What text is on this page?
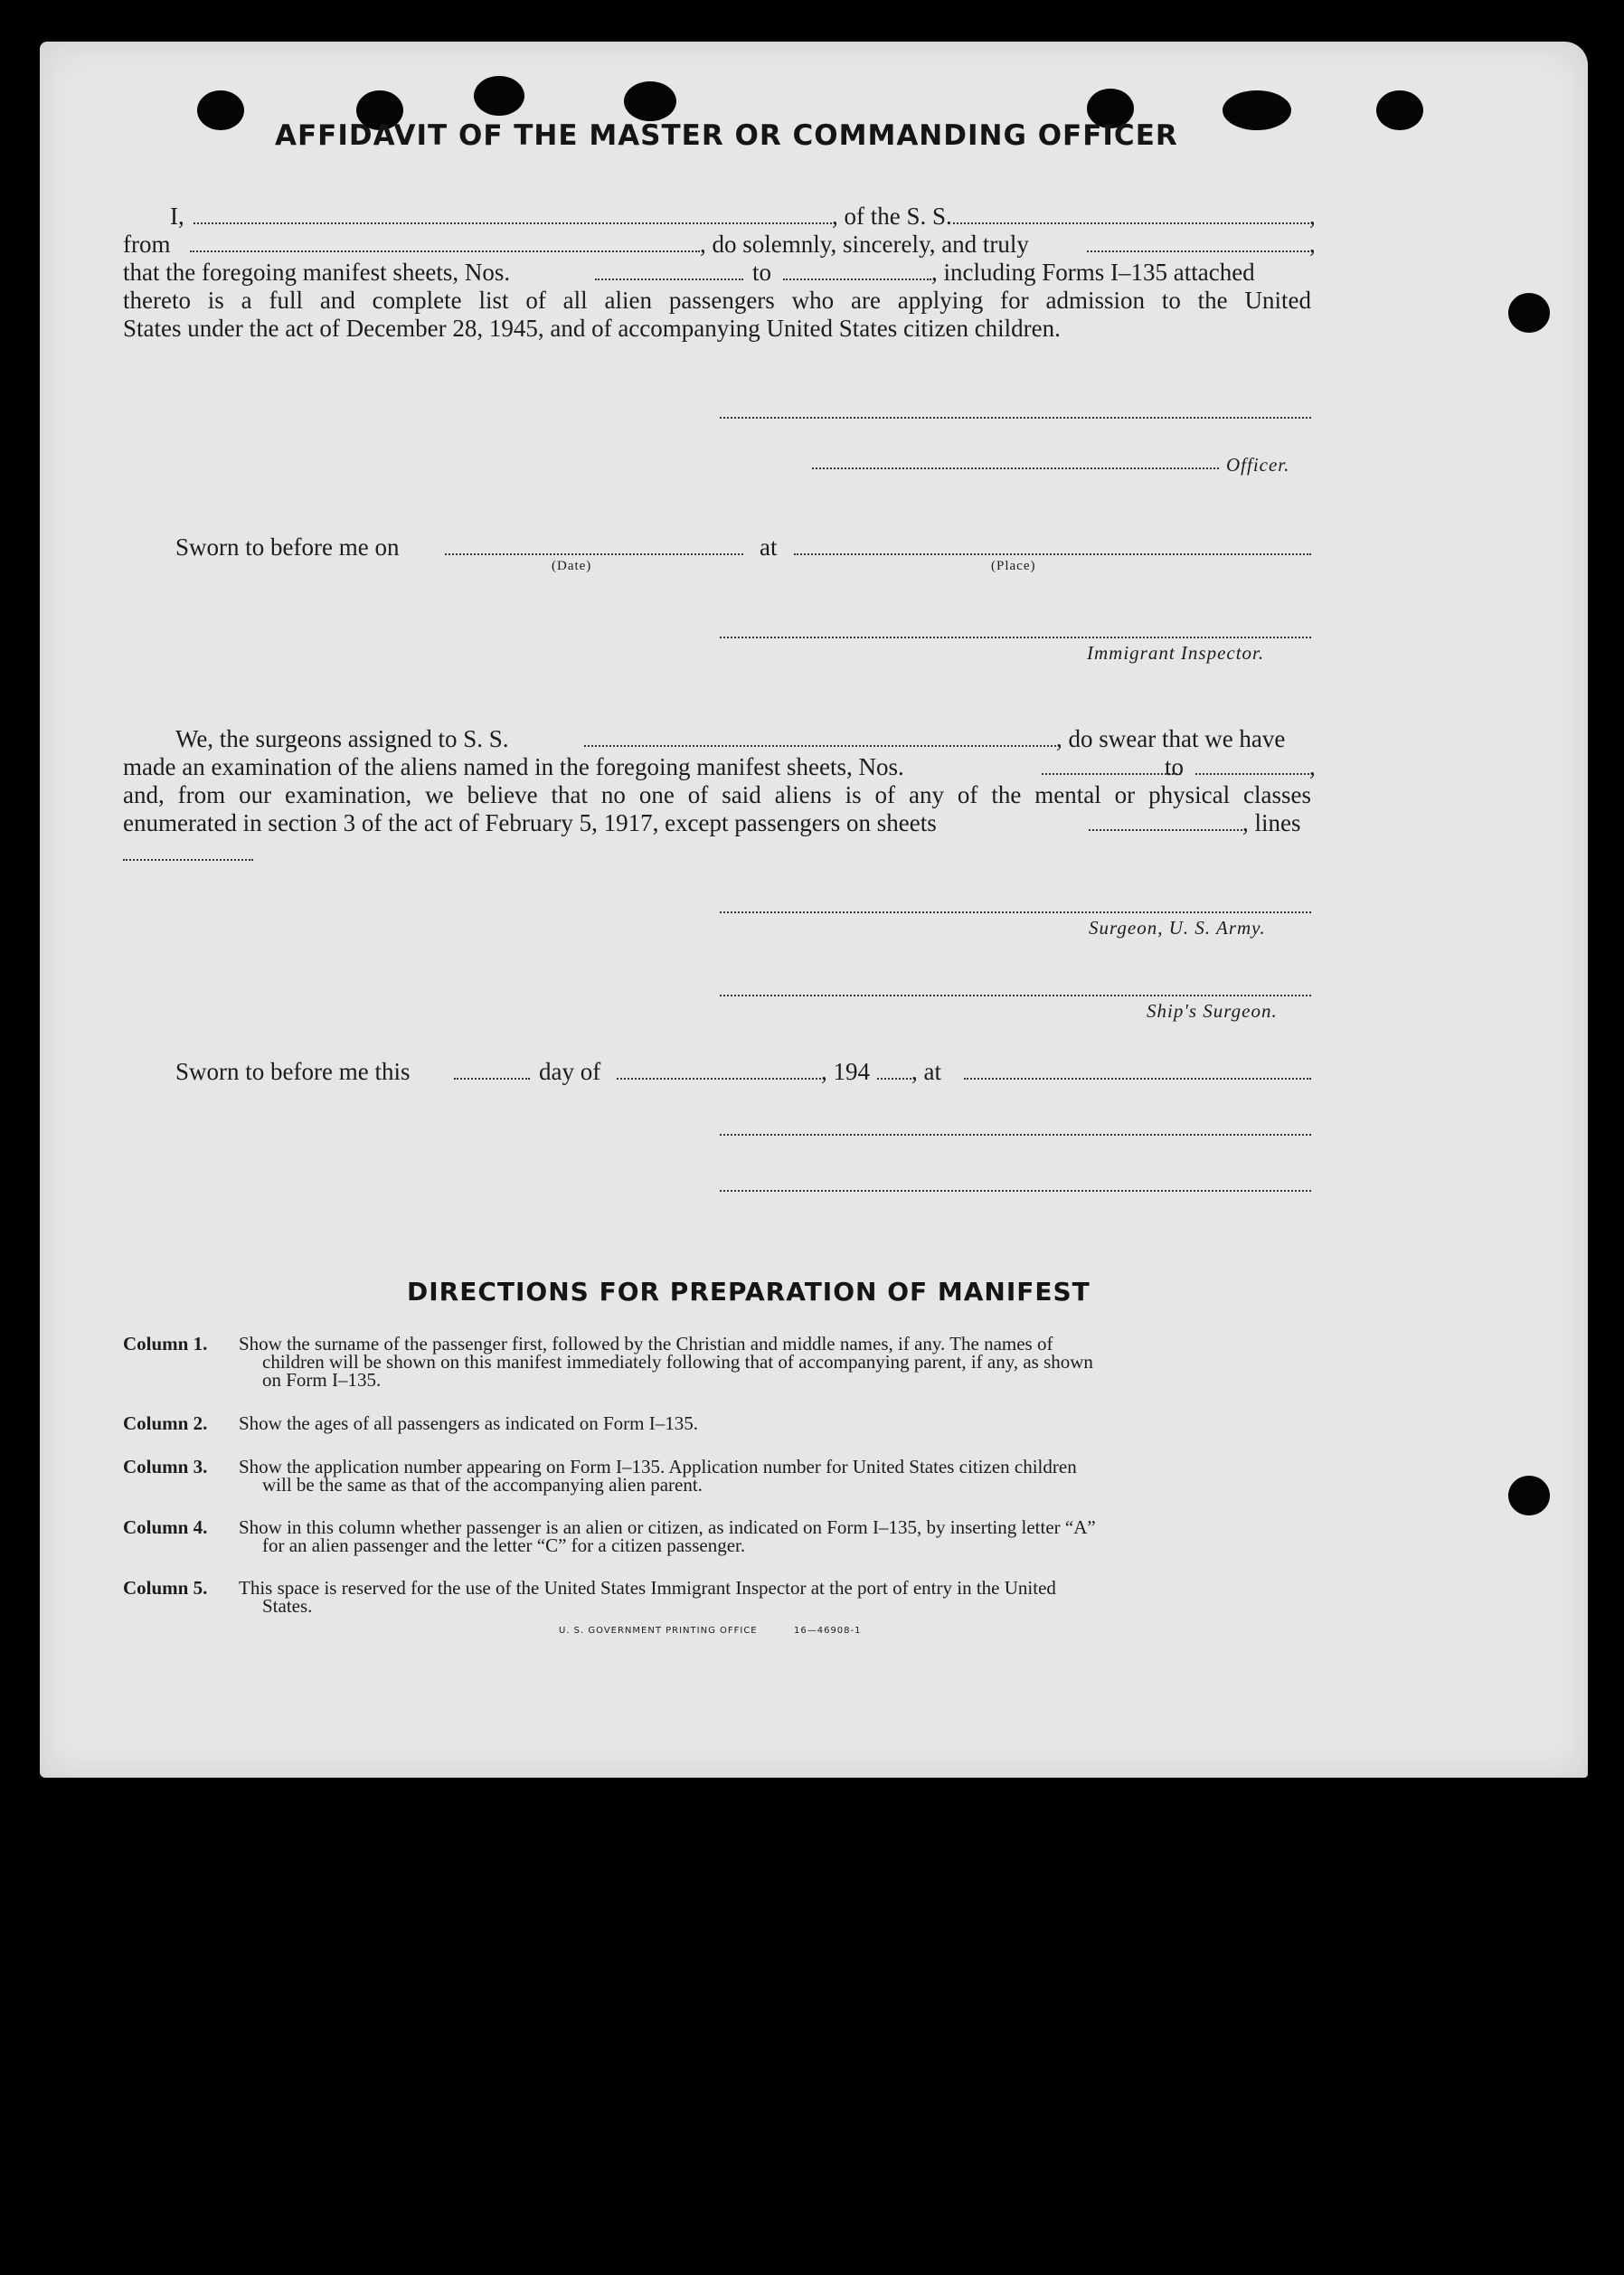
AFFIDAVIT OF THE MASTER OR COMMANDING OFFICER
I,	, of the S. S.	,
from	, do solemnly, sincerely, and truly	,
that the foregoing manifest sheets, Nos.	to	, including Forms I–135 attached
thereto is a full and complete list of all alien passengers who are applying for admission to the United
States under the act of December 28, 1945, and of accompanying United States citizen children.
Officer.
Sworn to before me on
(Date)
at
(Place)
Immigrant Inspector.
We, the surgeons assigned to S. S.	, do swear that we have
made an examination of the aliens named in the foregoing manifest sheets, Nos.	to	,
and, from our examination, we believe that no one of said aliens is of any of the mental or physical classes
enumerated in section 3 of the act of February 5, 1917, except passengers on sheets	, lines
Surgeon, U. S. Army.
Ship's Surgeon.
Sworn to before me this	day of	, 194 , at
DIRECTIONS FOR PREPARATION OF MANIFEST
Column 1. Show the surname of the passenger first, followed by the Christian and middle names, if any. The names of
children will be shown on this manifest immediately following that of accompanying parent, if any, as shown
on Form I–135.
Column 2. Show the ages of all passengers as indicated on Form I–135.
Column 3. Show the application number appearing on Form I–135. Application number for United States citizen children
will be the same as that of the accompanying alien parent.
Column 4. Show in this column whether passenger is an alien or citizen, as indicated on Form I–135, by inserting letter “A”
for an alien passenger and the letter “C” for a citizen passenger.
Column 5. This space is reserved for the use of the United States Immigrant Inspector at the port of entry in the United
States.
U. S. GOVERNMENT PRINTING OFFICE	16—46908-1
